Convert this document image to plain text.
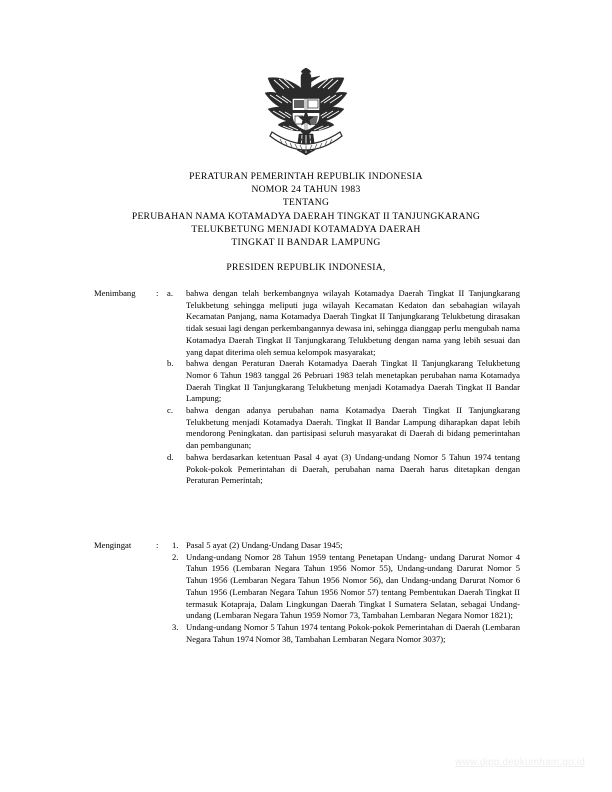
PERATURAN PEMERINTAH REPUBLIK INDONESIA
NOMOR 24 TAHUN 1983
TENTANG
PERUBAHAN NAMA KOTAMADYA DAERAH TINGKAT II TANJUNGKARANG
TELUKBETUNG MENJADI KOTAMADYA DAERAH
TINGKAT II BANDAR LAMPUNG
PRESIDEN REPUBLIK INDONESIA,
Menimbang	:	a.	bahwa dengan telah berkembangnya wilayah Kotamadya Daerah Tingkat II Tanjungkarang Telukbetung sehingga meliputi juga wilayah Kecamatan Kedaton dan sebahagian wilayah Kecamatan Panjang, nama Kotamadya Daerah Tingkat II Tanjungkarang Telukbetung dirasakan tidak sesuai lagi dengan perkembangannya dewasa ini, sehingga dianggap perlu mengubah nama Kotamadya Daerah Tingkat II Tanjungkarang Telukbetung dengan nama yang lebih sesuai dan yang dapat diterima oleh semua kelompok masyarakat;
b.	bahwa dengan Peraturan Daerah Kotamadya Daerah Tingkat II Tanjungkarang Telukbetung Nomor 6 Tahun 1983 tanggal 26 Pebruari 1983 telah menetapkan perubahan nama Kotamadya Daerah Tingkat II Tanjungkarang Telukbetung menjadi Kotamadya Daerah Tingkat II Bandar Lampung;
c.	bahwa dengan adanya perubahan nama Kotamadya Daerah Tingkat II Tanjungkarang Telukbetung menjadi Kotamadya Daerah. Tingkat II Bandar Lampung diharapkan dapat lebih mendorong Peningkatan. dan partisipasi seluruh masyarakat di Daerah di bidang pemerintahan dan pembangunan;
d.	bahwa berdasarkan ketentuan Pasal 4 ayat (3) Undang-undang Nomor 5 Tahun 1974 tentang Pokok-pokok Pemerintahan di Daerah, perubahan nama Daerah harus ditetapkan dengan Peraturan Pemerintah;
Mengingat	:	1. Pasal 5 ayat (2) Undang-Undang Dasar 1945;
2. Undang-undang Nomor 28 Tahun 1959 tentang Penetapan Undang- undang Darurat Nomor 4 Tahun 1956 (Lembaran Negara Tahun 1956 Nomor 55), Undang-undang Darurat Nomor 5 Tahun 1956 (Lembaran Negara Tahun 1956 Nomor 56), dan Undang-undang Darurat Nomor 6 Tahun 1956 (Lembaran Negara Tahun 1956 Nomor 57) tentang Pembentukan Daerah Tingkat II termasuk Kotapraja, Dalam Lingkungan Daerah Tingkat I Sumatera Selatan, sebagai Undang-undang (Lembaran Negara Tahun 1959 Nomor 73, Tambahan Lembaran Negara Nomor 1821);
3. Undang-undang Nomor 5 Tahun 1974 tentang Pokok-pokok Pemerintahan di Daerah (Lembaran Negara Tahun 1974 Nomor 38, Tambahan Lembaran Negara Nomor 3037);
www.djpp.depkumham.go.id
